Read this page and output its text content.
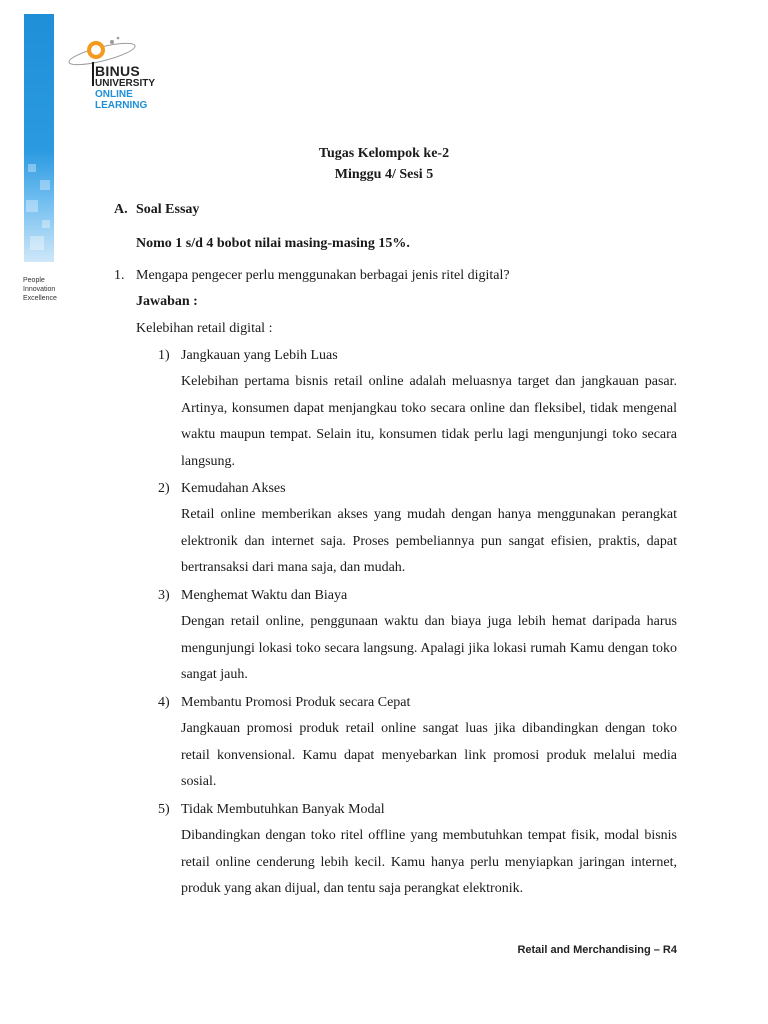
People
Innovation
Excellence
BINUS
UNIVERSITY
ONLINE
LEARNING
Tugas Kelompok ke-2
Minggu 4/ Sesi 5
A. Soal Essay
Nomo 1 s/d 4 bobot nilai masing-masing 15%.
1. Mengapa pengecer perlu menggunakan berbagai jenis ritel digital?
Jawaban :
Kelebihan retail digital :
1) Jangkauan yang Lebih Luas
Kelebihan pertama bisnis retail online adalah meluasnya target dan jangkauan pasar. Artinya, konsumen dapat menjangkau toko secara online dan fleksibel, tidak mengenal waktu maupun tempat. Selain itu, konsumen tidak perlu lagi mengunjungi toko secara langsung.
2) Kemudahan Akses
Retail online memberikan akses yang mudah dengan hanya menggunakan perangkat elektronik dan internet saja. Proses pembeliannya pun sangat efisien, praktis, dapat bertransaksi dari mana saja, dan mudah.
3) Menghemat Waktu dan Biaya
Dengan retail online, penggunaan waktu dan biaya juga lebih hemat daripada harus mengunjungi lokasi toko secara langsung. Apalagi jika lokasi rumah Kamu dengan toko sangat jauh.
4) Membantu Promosi Produk secara Cepat
Jangkauan promosi produk retail online sangat luas jika dibandingkan dengan toko retail konvensional. Kamu dapat menyebarkan link promosi produk melalui media sosial.
5) Tidak Membutuhkan Banyak Modal
Dibandingkan dengan toko ritel offline yang membutuhkan tempat fisik, modal bisnis retail online cenderung lebih kecil. Kamu hanya perlu menyiapkan jaringan internet, produk yang akan dijual, dan tentu saja perangkat elektronik.
Retail and Merchandising – R4
